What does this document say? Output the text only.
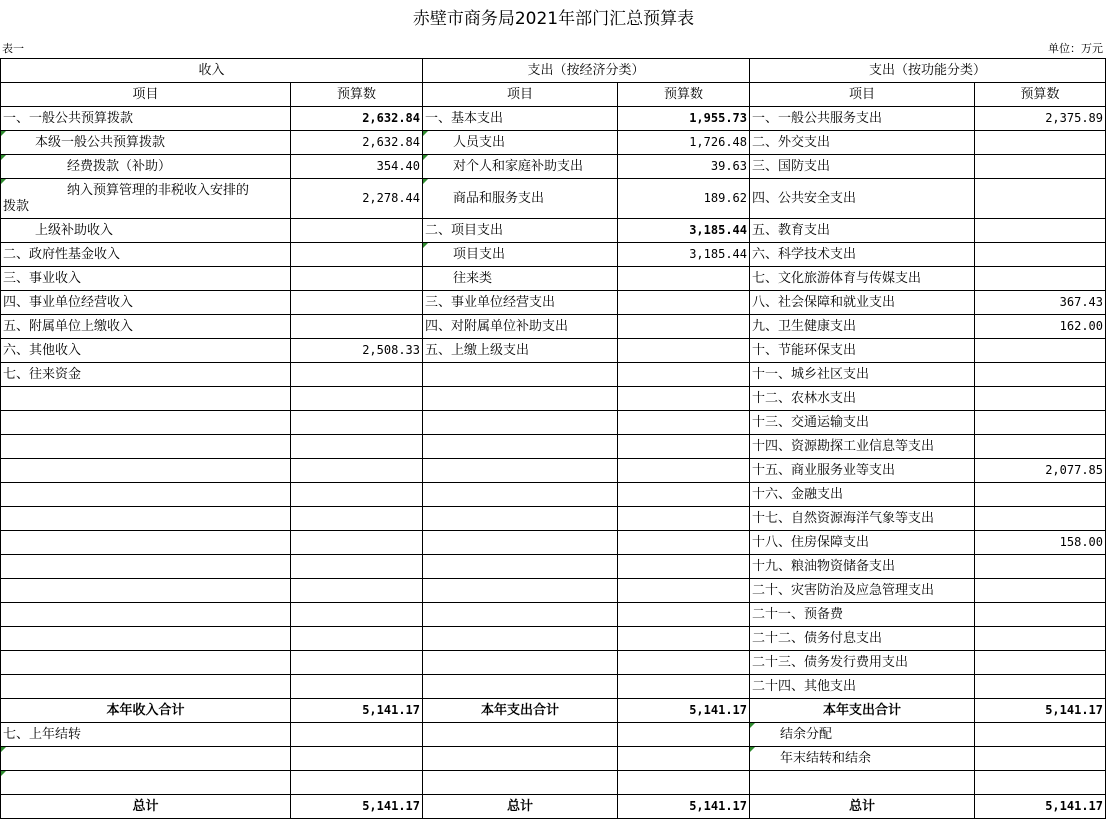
赤壁市商务局2021年部门汇总预算表
表一	单位：万元
收入		支出（按经济分类）		支出（按功能分类）	
项目	预算数	项目	预算数	项目	预算数
一、一般公共预算拨款	2,632.84	一、基本支出	1,955.73	一、一般公共服务支出	2,375.89
本级一般公共预算拨款	2,632.84	人员支出	1,726.48	二、外交支出	
经费拨款（补助）	354.40	对个人和家庭补助支出	39.63	三、国防支出	

纳入预算管理的非税收入安排的
拨款	2,278.44	商品和服务支出	189.62	四、公共安全支出	
上级补助收入		二、项目支出	3,185.44	五、教育支出	
二、政府性基金收入		项目支出	3,185.44	六、科学技术支出	
三、事业收入		往来类		七、文化旅游体育与传媒支出	
四、事业单位经营收入		三、事业单位经营支出		八、社会保障和就业支出	367.43
五、附属单位上缴收入		四、对附属单位补助支出		九、卫生健康支出	162.00
六、其他收入	2,508.33	五、上缴上级支出		十、节能环保支出	
七、往来资金				十一、城乡社区支出	
				十二、农林水支出	
				十三、交通运输支出	
				十四、资源勘探工业信息等支出	
				十五、商业服务业等支出	2,077.85
				十六、金融支出	
				十七、自然资源海洋气象等支出	
				十八、住房保障支出	158.00
				十九、粮油物资储备支出	
				二十、灾害防治及应急管理支出	
				二十一、预备费	
				二十二、债务付息支出	
				二十三、债务发行费用支出	
				二十四、其他支出	
本年收入合计	5,141.17	本年支出合计	5,141.17	本年支出合计	5,141.17
七、上年结转				结余分配	
				年末结转和结余	

总计	5,141.17	总计	5,141.17	总计	5,141.17
